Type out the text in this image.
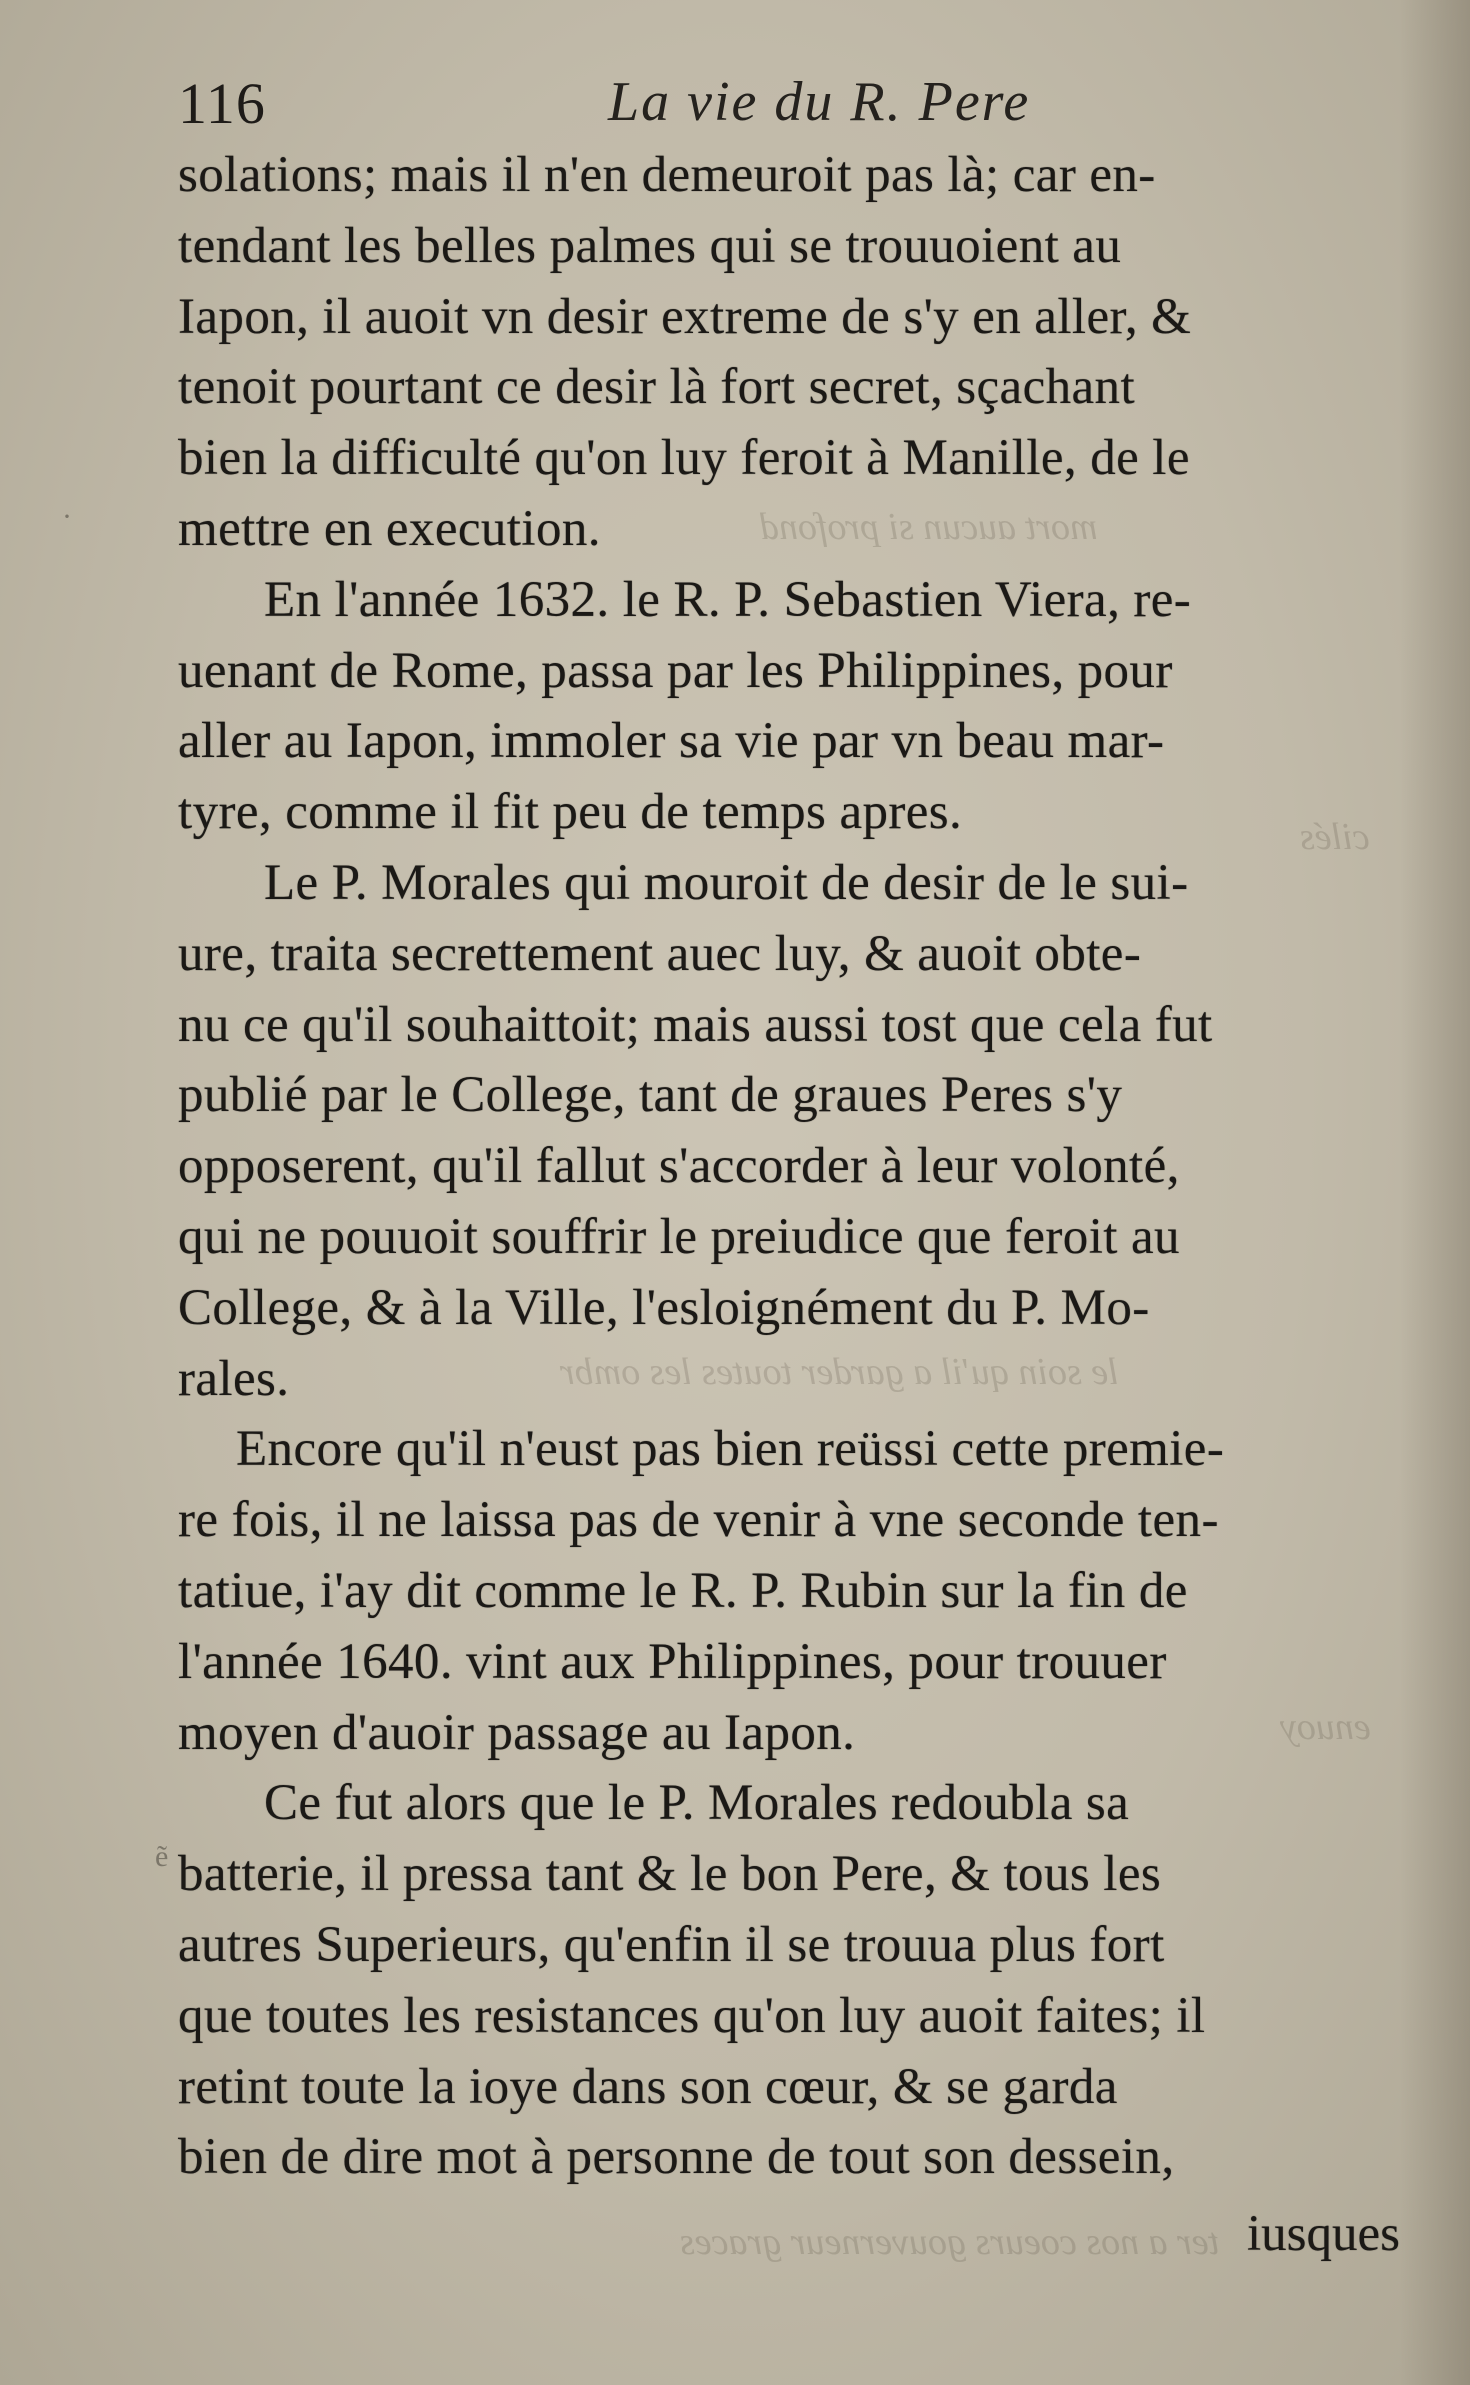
mort aucun si profond
cilés
le soin qu'il a garder toutes les ombr
enuoy
ter a nos coeurs gouverneur graces
116	La vie du R. Pere
solations; mais il n'en demeuroit pas là; car en-
tendant les belles palmes qui se trouuoient au
Iapon, il auoit vn desir extreme de s'y en aller, &
tenoit pourtant ce desir là fort secret, sçachant
bien la difficulté qu'on luy feroit à Manille, de le
mettre en execution.
En l'année 1632. le R. P. Sebastien Viera, re-
uenant de Rome, passa par les Philippines, pour
aller au Iapon, immoler sa vie par vn beau mar-
tyre, comme il fit peu de temps apres.
Le P. Morales qui mouroit de desir de le sui-
ure, traita secrettement auec luy, & auoit obte-
nu ce qu'il souhaittoit; mais aussi tost que cela fut
publié par le College, tant de graues Peres s'y
opposerent, qu'il fallut s'accorder à leur volonté,
qui ne pouuoit souffrir le preiudice que feroit au
College, & à la Ville, l'esloignément du P. Mo-
rales.
Encore qu'il n'eust pas bien reüssi cette premie-
re fois, il ne laissa pas de venir à vne seconde ten-
tatiue, i'ay dit comme le R. P. Rubin sur la fin de
l'année 1640. vint aux Philippines, pour trouuer
moyen d'auoir passage au Iapon.
Ce fut alors que le P. Morales redoubla sa
batterie, il pressa tant & le bon Pere, & tous les
autres Superieurs, qu'enfin il se trouua plus fort
que toutes les resistances qu'on luy auoit faites; il
retint toute la ioye dans son cœur, & se garda
bien de dire mot à personne de tout son dessein,
iusques
·
ẽ
